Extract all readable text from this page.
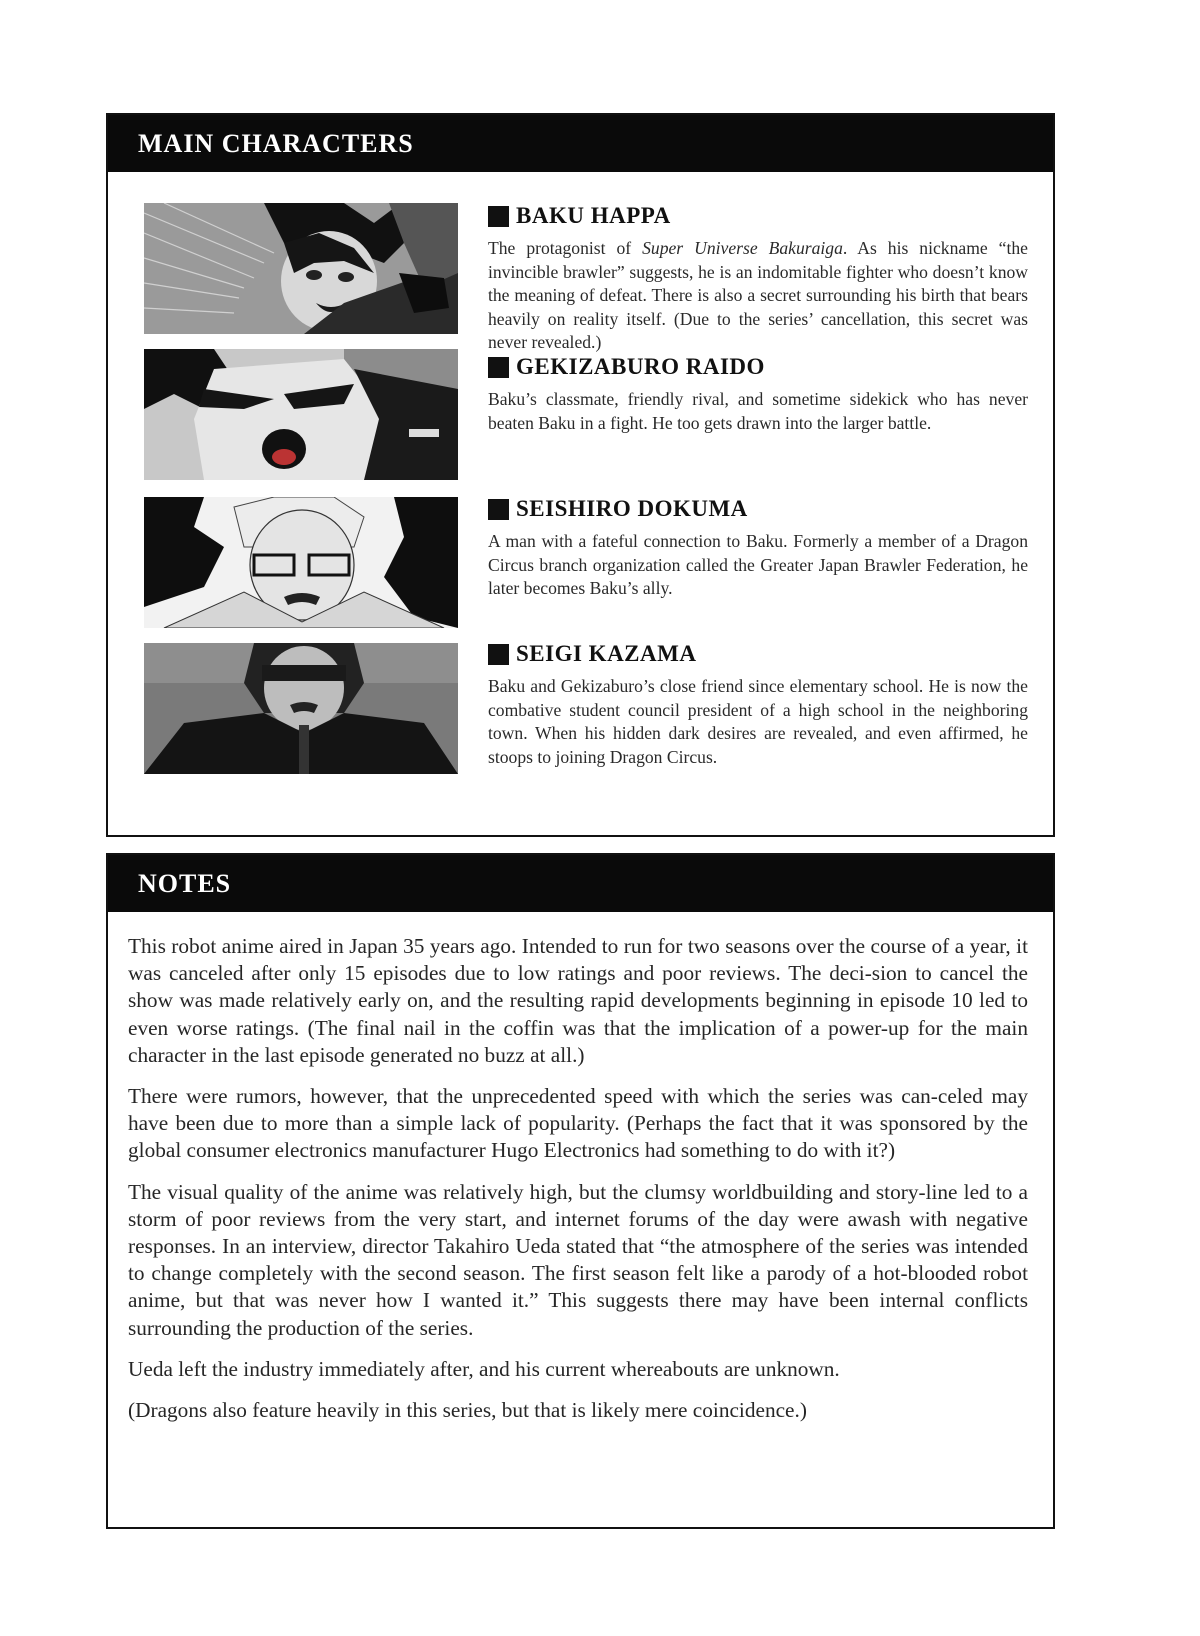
MAIN CHARACTERS
BAKU HAPPA

The protagonist of Super Universe Bakuraiga. As his nickname “the invincible brawler” suggests, he is an indomitable fighter who doesn’t know the meaning of defeat. There is also a secret surrounding his birth that bears heavily on reality itself. (Due to the series’ cancellation, this secret was never revealed.)

GEKIZABURO RAIDO

Baku’s classmate, friendly rival, and sometime sidekick who has never beaten Baku in a fight. He too gets drawn into the larger battle.

SEISHIRO DOKUMA

A man with a fateful connection to Baku. Formerly a member of a Dragon Circus branch organization called the Greater Japan Brawler Federation, he later becomes Baku’s ally.

SEIGI KAZAMA

Baku and Gekizaburo’s close friend since elementary school. He is now the combative student council president of a high school in the neighboring town. When his hidden dark desires are revealed, and even affirmed, he stoops to joining Dragon Circus.

NOTES

This robot anime aired in Japan 35 years ago. Intended to run for two seasons over the course of a year, it was canceled after only 15 episodes due to low ratings and poor reviews. The deci-sion to cancel the show was made relatively early on, and the resulting rapid developments beginning in episode 10 led to even worse ratings. (The final nail in the coffin was that the implication of a power-up for the main character in the last episode generated no buzz at all.)

There were rumors, however, that the unprecedented speed with which the series was can-celed may have been due to more than a simple lack of popularity. (Perhaps the fact that it was sponsored by the global consumer electronics manufacturer Hugo Electronics had something to do with it?)

The visual quality of the anime was relatively high, but the clumsy worldbuilding and story-line led to a storm of poor reviews from the very start, and internet forums of the day were awash with negative responses. In an interview, director Takahiro Ueda stated that “the atmosphere of the series was intended to change completely with the second season. The first season felt like a parody of a hot-blooded robot anime, but that was never how I wanted it.” This suggests there may have been internal conflicts surrounding the production of the series.

Ueda left the industry immediately after, and his current whereabouts are unknown.

(Dragons also feature heavily in this series, but that is likely mere coincidence.)
